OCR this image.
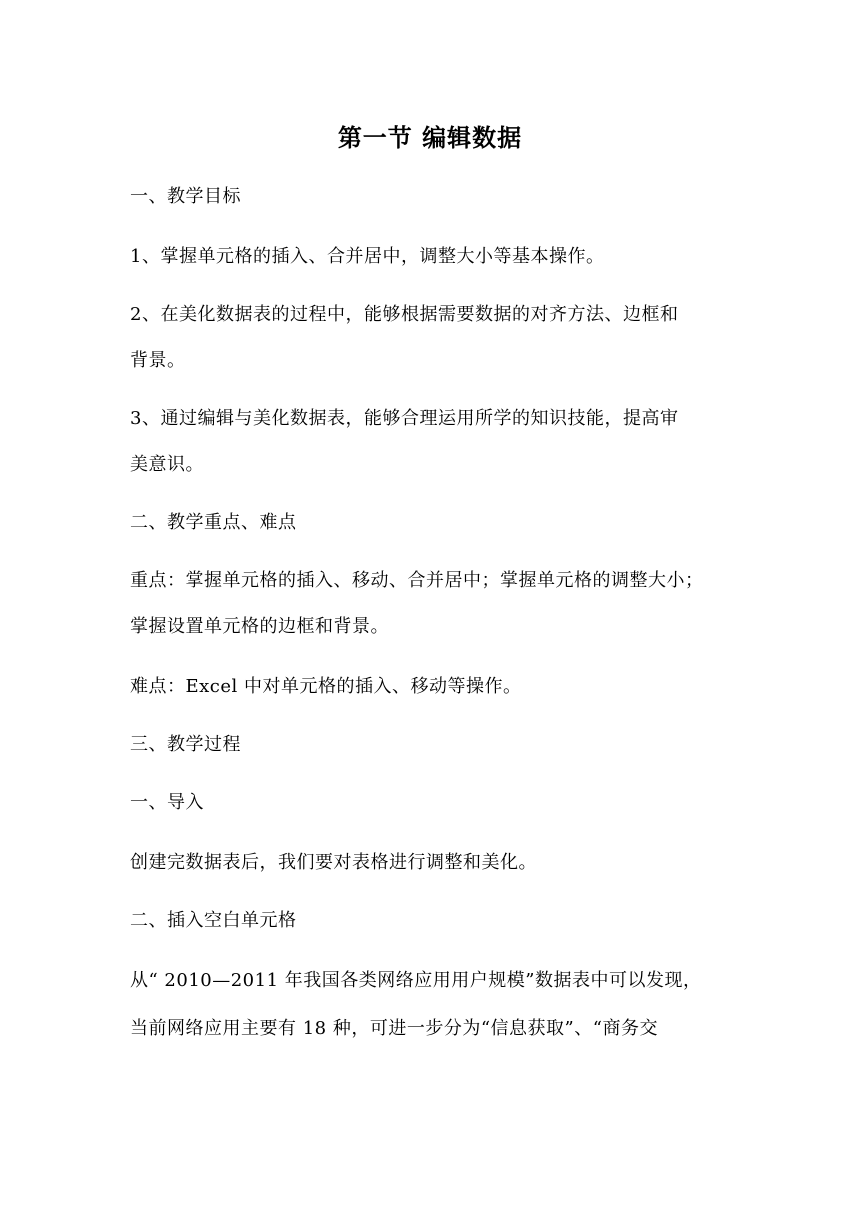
第一节 编辑数据
一、教学目标
1、掌握单元格的插入、合并居中，调整大小等基本操作。
2、在美化数据表的过程中，能够根据需要数据的对齐方法、边框和
背景。
3、通过编辑与美化数据表，能够合理运用所学的知识技能，提高审
美意识。
二、教学重点、难点
重点：掌握单元格的插入、移动、合并居中；掌握单元格的调整大小；
掌握设置单元格的边框和背景。
难点：Excel 中对单元格的插入、移动等操作。
三、教学过程
一、导入
创建完数据表后，我们要对表格进行调整和美化。
二、插入空白单元格
从“ 2010—2011 年我国各类网络应用用户规模”数据表中可以发现，
当前网络应用主要有 18 种，可进一步分为“信息获取”、“商务交
